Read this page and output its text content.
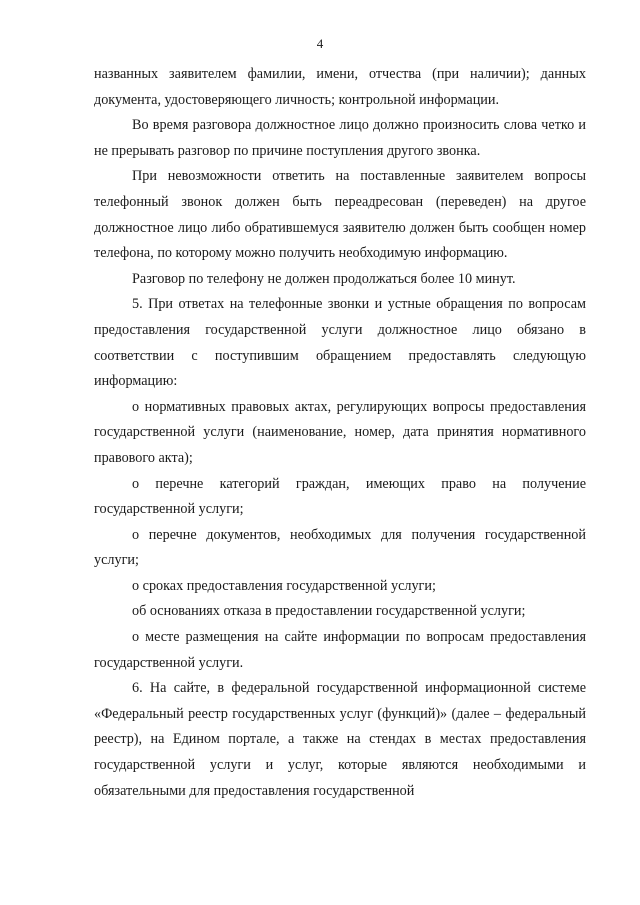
4

названных заявителем фамилии, имени, отчества (при наличии); данных документа, удостоверяющего личность; контрольной информации.

Во время разговора должностное лицо должно произносить слова четко и не прерывать разговор по причине поступления другого звонка.

При невозможности ответить на поставленные заявителем вопросы телефонный звонок должен быть переадресован (переведен) на другое должностное лицо либо обратившемуся заявителю должен быть сообщен номер телефона, по которому можно получить необходимую информацию.

Разговор по телефону не должен продолжаться более 10 минут.

5. При ответах на телефонные звонки и устные обращения по вопросам предоставления государственной услуги должностное лицо обязано в соответствии с поступившим обращением предоставлять следующую информацию:

о нормативных правовых актах, регулирующих вопросы предоставления государственной услуги (наименование, номер, дата принятия нормативного правового акта);

о перечне категорий граждан, имеющих право на получение государственной услуги;

о перечне документов, необходимых для получения государственной услуги;

о сроках предоставления государственной услуги;

об основаниях отказа в предоставлении государственной услуги;

о месте размещения на сайте информации по вопросам предоставления государственной услуги.

6. На сайте, в федеральной государственной информационной системе «Федеральный реестр государственных услуг (функций)» (далее – федеральный реестр), на Едином портале, а также на стендах в местах предоставления государственной услуги и услуг, которые являются необходимыми и обязательными для предоставления государственной
